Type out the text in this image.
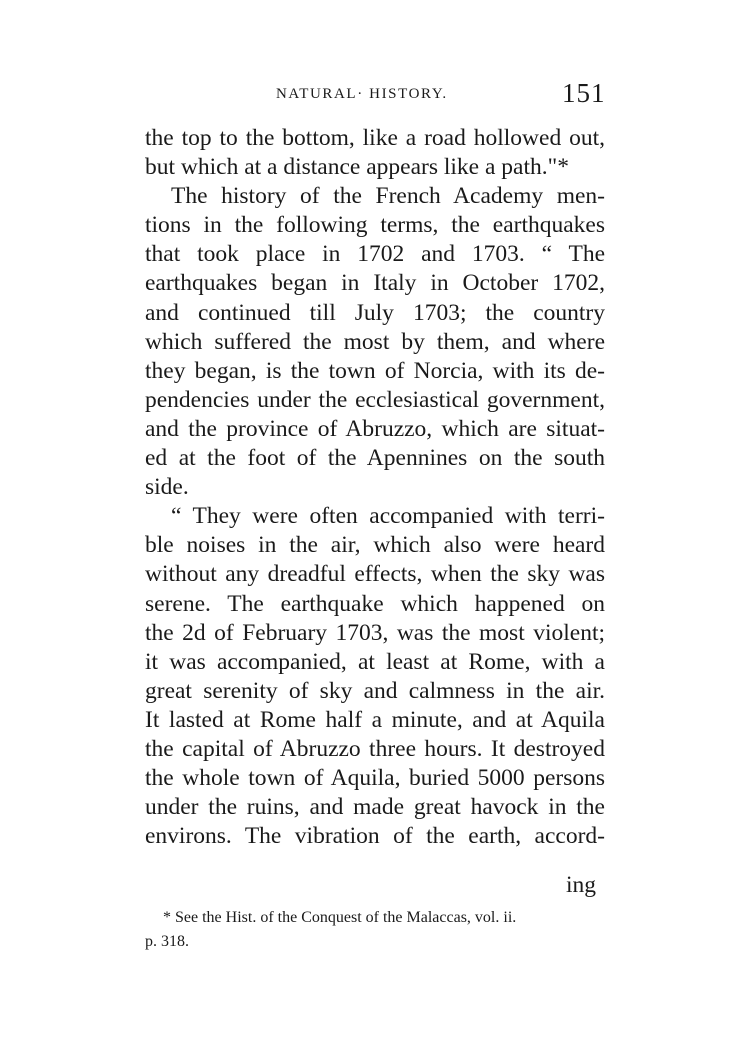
NATURAL· HISTORY.	151
the top to the bottom, like a road hollowed out,
but which at a distance appears like a path."*
The history of the French Academy men-
tions in the following terms, the earthquakes
that took place in 1702 and 1703. “ The
earthquakes began in Italy in October 1702,
and continued till July 1703; the country
which suffered the most by them, and where
they began, is the town of Norcia, with its de-
pendencies under the ecclesiastical government,
and the province of Abruzzo, which are situat-
ed at the foot of the Apennines on the south
side.
“ They were often accompanied with terri-
ble noises in the air, which also were heard
without any dreadful effects, when the sky was
serene. The earthquake which happened on
the 2d of February 1703, was the most violent;
it was accompanied, at least at Rome, with a
great serenity of sky and calmness in the air.
It lasted at Rome half a minute, and at Aquila
the capital of Abruzzo three hours. It destroyed
the whole town of Aquila, buried 5000 persons
under the ruins, and made great havock in the
environs. The vibration of the earth, accord-
ing
* See the Hist. of the Conquest of the Malaccas, vol. ii.
p. 318.
